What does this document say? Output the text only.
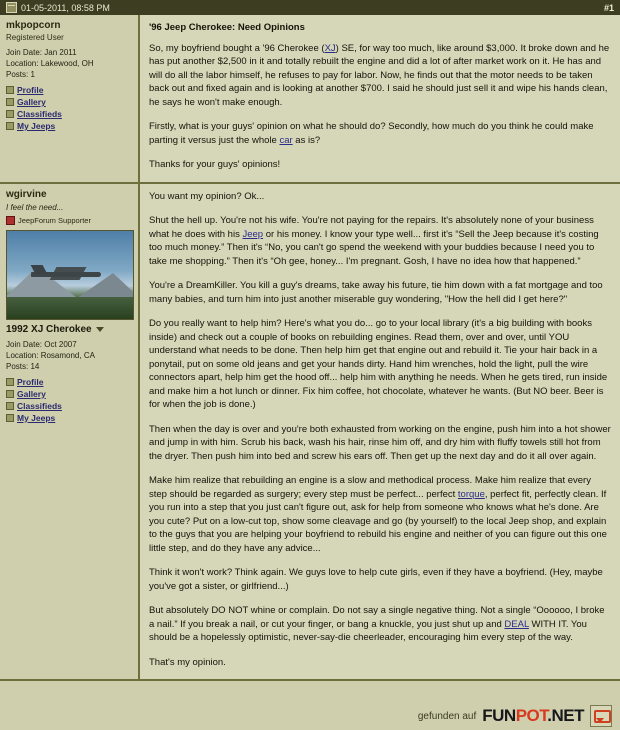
01-05-2011, 08:58 PM	#1
mkpopcorn
Registered User
Join Date: Jan 2011
Location: Lakewood, OH
Posts: 1
Profile
Gallery
Classifieds
My Jeeps
'96 Jeep Cherokee: Need Opinions

So, my boyfriend bought a '96 Cherokee (XJ) SE, for way too much, like around $3,000. It broke down and he has put another $2,500 in it and totally rebuilt the engine and did a lot of after market work on it. He has and will do all the labor himself, he refuses to pay for labor. Now, he finds out that the motor needs to be taken back out and fixed again and is looking at another $700. I said he should just sell it and wipe his hands clean, he says he won't make enough.

Firstly, what is your guys' opinion on what he should do? Secondly, how much do you think he could make parting it versus just the whole car as is?

Thanks for your guys' opinions!

wgirvine
I feel the need...
JeepForum Supporter
1992 XJ Cherokee
Join Date: Oct 2007
Location: Rosamond, CA
Posts: 14
Profile
Gallery
Classifieds
My Jeeps

You want my opinion? Ok...

Shut the hell up. You're not his wife. You're not paying for the repairs. It's absolutely none of your business what he does with his Jeep or his money. I know your type well... first it's “Sell the Jeep because it's costing too much money.” Then it's “No, you can't go spend the weekend with your buddies because I need you to take me shopping.” Then it's “Oh gee, honey... I'm pregnant. Gosh, I have no idea how that happened.”

You're a DreamKiller. You kill a guy's dreams, take away his future, tie him down with a fat mortgage and too many babies, and turn him into just another miserable guy wondering, "How the hell did I get here?"

Do you really want to help him? Here's what you do... go to your local library (it's a big building with books inside) and check out a couple of books on rebuilding engines. Read them, over and over, until YOU understand what needs to be done. Then help him get that engine out and rebuild it. Tie your hair back in a ponytail, put on some old jeans and get your hands dirty. Hand him wrenches, hold the light, pull the wire connectors apart, help him get the hood off... help him with anything he needs. When he gets tired, run inside and make him a hot lunch or dinner. Fix him coffee, hot chocolate, whatever he wants. (But NO beer. Beer is for when the job is done.)

Then when the day is over and you're both exhausted from working on the engine, push him into a hot shower and jump in with him. Scrub his back, wash his hair, rinse him off, and dry him with fluffy towels still hot from the dryer. Then push him into bed and screw his ears off. Then get up the next day and do it all over again.

Make him realize that rebuilding an engine is a slow and methodical process. Make him realize that every step should be regarded as surgery; every step must be perfect... perfect torque, perfect fit, perfectly clean. If you run into a step that you just can't figure out, ask for help from someone who knows what he's done. Are you cute? Put on a low-cut top, show some cleavage and go (by yourself) to the local Jeep shop, and explain to the guys that you are helping your boyfriend to rebuild his engine and neither of you can figure out this one little step, and do they have any advice...

Think it won't work? Think again. We guys love to help cute girls, even if they have a boyfriend. (Hey, maybe you've got a sister, or girlfriend...)

But absolutely DO NOT whine or complain. Do not say a single negative thing. Not a single “Oooooo, I broke a nail.” If you break a nail, or cut your finger, or bang a knuckle, you just shut up and DEAL WITH IT. You should be a hopelessly optimistic, never-say-die cheerleader, encouraging him every step of the way.

That's my opinion.

gefunden auf FUNPOT.NET
